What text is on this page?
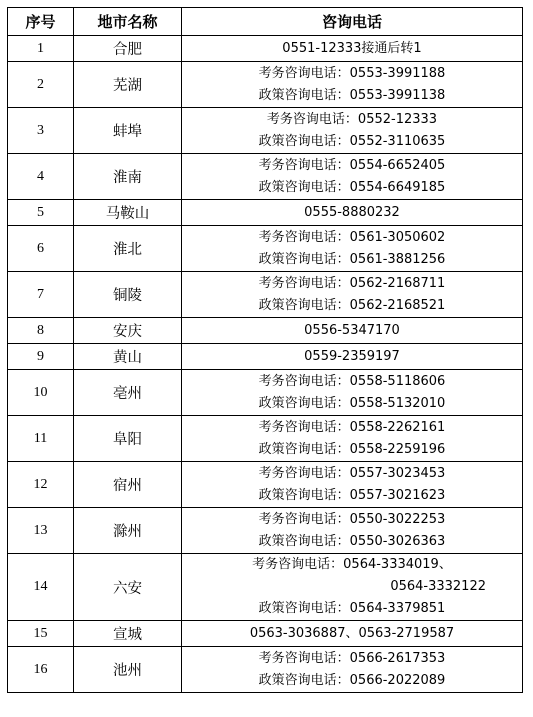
序号	地市名称	咨询电话
1	合肥	0551-12333接通后转1

2	芜湖	考务咨询电话：0553-3991188
政策咨询电话：0553-3991138

3	蚌埠	考务咨询电话：0552-12333
政策咨询电话：0552-3110635

4	淮南	考务咨询电话：0554-6652405
政策咨询电话：0554-6649185

5	马鞍山	0555-8880232

6	淮北	考务咨询电话：0561-3050602
政策咨询电话：0561-3881256

7	铜陵	考务咨询电话：0562-2168711
政策咨询电话：0562-2168521

8	安庆	0556-5347170

9	黄山	0559-2359197

10	亳州	考务咨询电话：0558-5118606
政策咨询电话：0558-5132010

11	阜阳	考务咨询电话：0558-2262161
政策咨询电话：0558-2259196

12	宿州	考务咨询电话：0557-3023453
政策咨询电话：0557-3021623

13	滁州	考务咨询电话：0550-3022253
政策咨询电话：0550-3026363

14	六安	考务咨询电话：0564-3334019、
0564-3332122
政策咨询电话：0564-3379851

15	宣城	0563-3036887、0563-2719587

16	池州	考务咨询电话：0566-2617353
政策咨询电话：0566-2022089
